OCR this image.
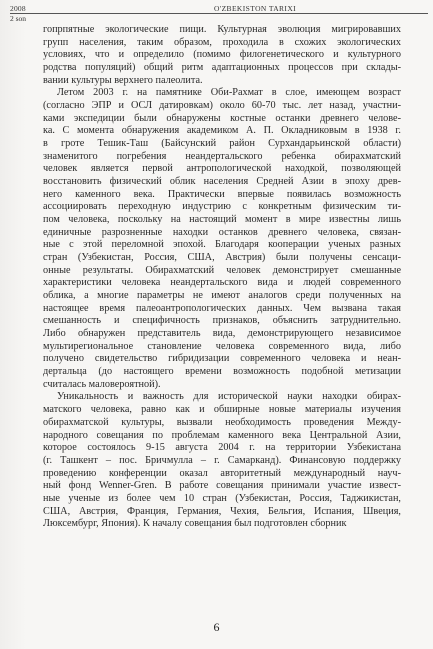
2008	O'ZBEKISTON TARIXI
2 son
гопрпятные экологические пищи. Культурная эволюция мигрировавших
групп населения, таким образом, проходила в схожих экологических
условиях, что и определило (помимо филогенетического и культурного
родства популяций) общий ритм адаптационных процессов при склады-
вании культуры верхнего палеолита.
Летом 2003 г. на памятнике Оби-Рахмат в слое, имеющем возраст
(согласно ЭПР и ОСЛ датировкам) около 60-70 тыс. лет назад, участни-
ками экспедиции были обнаружены костные останки древнего челове-
ка. С момента обнаружения академиком А. П. Окладниковым в 1938 г.
в гроте Тешик-Таш (Байсунский район Сурхандарьинской области)
знаменитого погребения неандертальского ребенка обирахматский
человек является первой антропологической находкой, позволяющей
восстановить физический облик населения Средней Азии в эпоху древ-
него каменного века. Практически впервые появилась возможность
ассоциировать переходную индустрию с конкретным физическим ти-
пом человека, поскольку на настоящий момент в мире известны лишь
единичные разрозненные находки останков древнего человека, связан-
ные с этой переломной эпохой. Благодаря кооперации ученых разных
стран (Узбекистан, Россия, США, Австрия) были получены сенсаци-
онные результаты. Обирахматский человек демонстрирует смешанные
характеристики человека неандертальского вида и людей современного
облика, а многие параметры не имеют аналогов среди полученных на
настоящее время палеоантропологических данных. Чем вызвана такая
смешанность и специфичность признаков, объяснить затруднительно.
Либо обнаружен представитель вида, демонстрирующего независимое
мультирегиональное становление человека современного вида, либо
получено свидетельство гибридизации современного человека и неан-
дертальца (до настоящего времени возможность подобной метизации
считалась маловероятной).
Уникальность и важность для исторической науки находки обирах-
матского человека, равно как и обширные новые материалы изучения
обирахматской культуры, вызвали необходимость проведения Между-
народного совещания по проблемам каменного века Центральной Азии,
которое состоялось 9-15 августа 2004 г. на территории Узбекистана
(г. Ташкент – пос. Бричмулла – г. Самарканд). Финансовую поддержку
проведению конференции оказал авторитетный международный науч-
ный фонд Wenner-Gren. В работе совещания принимали участие извест-
ные ученые из более чем 10 стран (Узбекистан, Россия, Таджикистан,
США, Австрия, Франция, Германия, Чехия, Бельгия, Испания, Швеция,
Люксембург, Япония). К началу совещания был подготовлен сборник
6
